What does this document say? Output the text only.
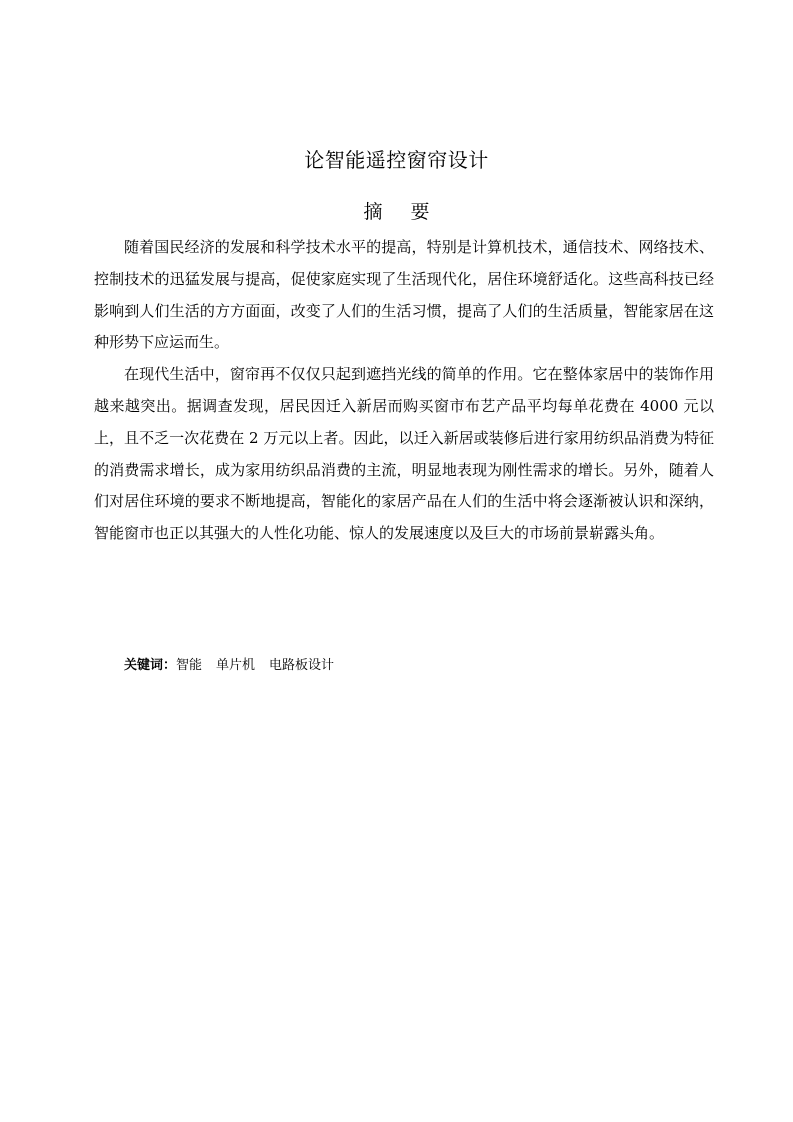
论智能遥控窗帘设计
摘 要

随着国民经济的发展和科学技术水平的提高，特别是计算机技术，通信技术、网络技术、控制技术的迅猛发展与提高，促使家庭实现了生活现代化，居住环境舒适化。这些高科技已经影响到人们生活的方方面面，改变了人们的生活习惯，提高了人们的生活质量，智能家居在这种形势下应运而生。

在现代生活中，窗帘再不仅仅只起到遮挡光线的简单的作用。它在整体家居中的装饰作用越来越突出。据调查发现，居民因迁入新居而购买窗市布艺产品平均每单花费在 4000 元以上，且不乏一次花费在 2 万元以上者。因此，以迁入新居或装修后进行家用纺织品消费为特征的消费需求增长，成为家用纺织品消费的主流，明显地表现为刚性需求的增长。另外，随着人们对居住环境的要求不断地提高，智能化的家居产品在人们的生活中将会逐渐被认识和深纳，智能窗市也正以其强大的人性化功能、惊人的发展速度以及巨大的市场前景崭露头角。

关键词：智能 单片机 电路板设计
